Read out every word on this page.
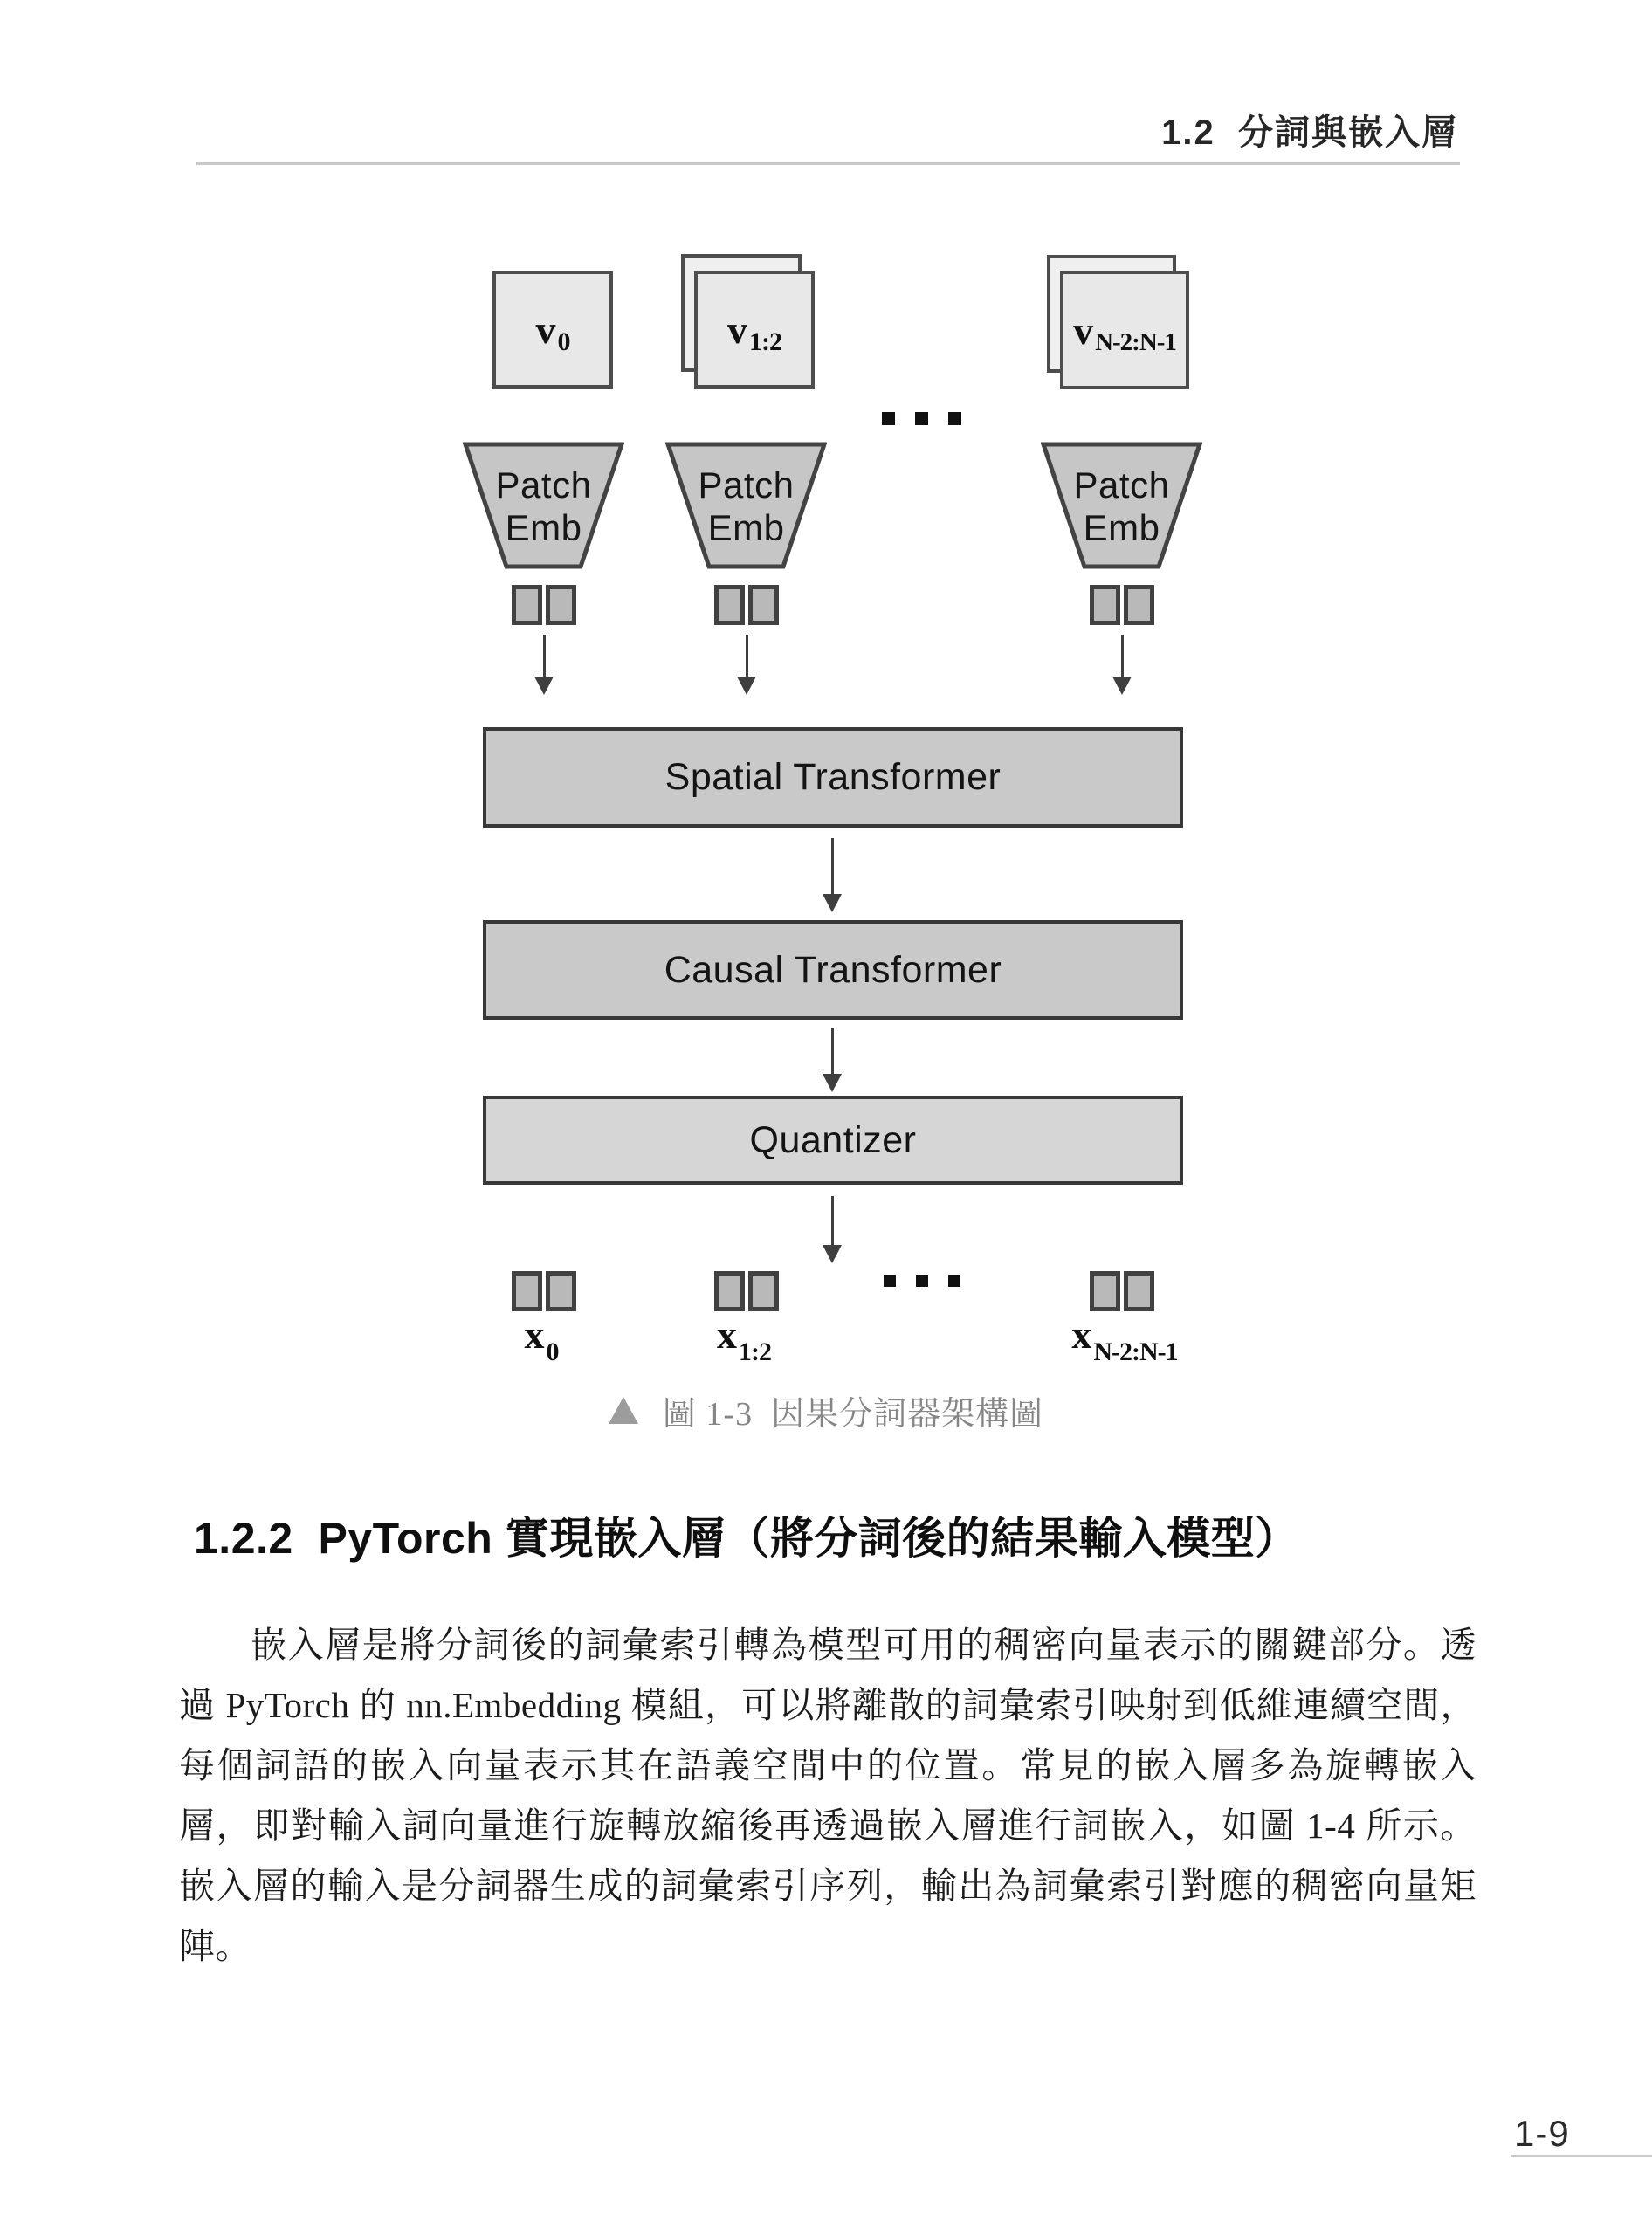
1.2  分詞與嵌入層
v 0	v 1:2	v N-2:N-1
Patch
Emb
Patch
Emb
Patch
Emb
Spatial Transformer
Causal Transformer
Quantizer
x0	x1:2	xN-2:N-1
圖 1-3  因果分詞器架構圖
1.2.2  PyTorch 實現嵌入層（將分詞後的結果輸入模型）

嵌入層是將分詞後的詞彙索引轉為模型可用的稠密向量表示的關鍵部分。透過 PyTorch 的 nn.Embedding 模組，可以將離散的詞彙索引映射到低維連續空間，每個詞語的嵌入向量表示其在語義空間中的位置。常見的嵌入層多為旋轉嵌入層，即對輸入詞向量進行旋轉放縮後再透過嵌入層進行詞嵌入，如圖 1-4 所示。嵌入層的輸入是分詞器生成的詞彙索引序列，輸出為詞彙索引對應的稠密向量矩陣。

1-9
